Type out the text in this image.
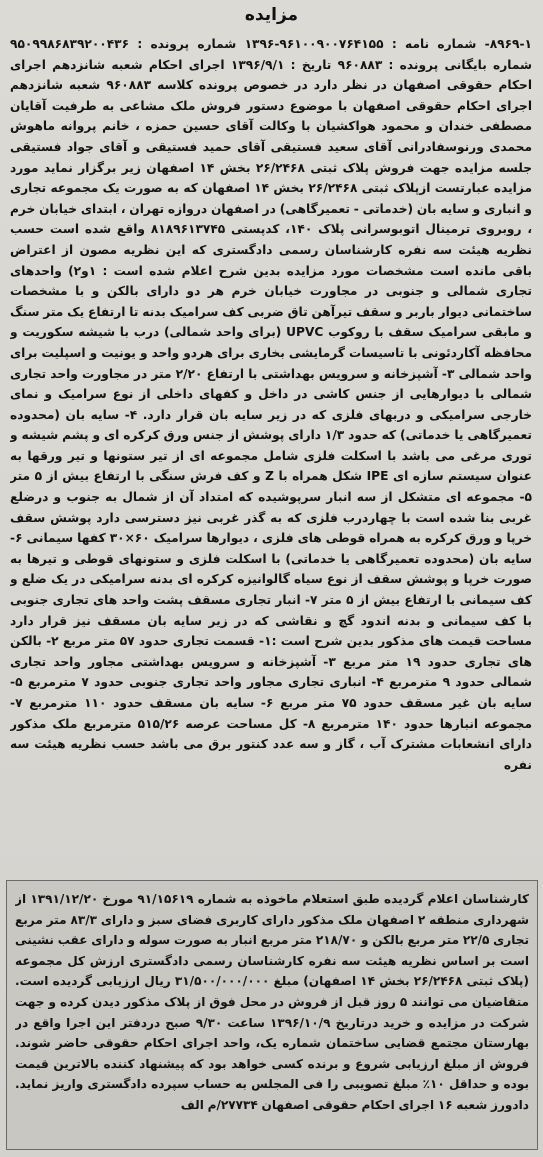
مزایده
۸۹۶۹-۱- شماره نامه : ۹۶۱۰۰۹۰۰۷۶۴۱۵۵-۱۳۹۶ شماره پرونده : ۹۵۰۹۹۸۶۸۳۹۲۰۰۴۳۶ شماره بایگانی پرونده : ۹۶۰۸۸۳ تاریخ : ۱۳۹۶/۹/۱ اجرای احکام شعبه شانزدهم اجرای احکام حقوقی اصفهان در نظر دارد در خصوص پرونده کلاسه ۹۶۰۸۸۳ شعبه شانزدهم اجرای احکام حقوقی اصفهان با موضوع دستور فروش ملک مشاعی به طرفیت آقایان مصطفی خندان و محمود هواکشیان با وکالت آقای حسین حمزه ، خانم پروانه ماهوش محمدی ورنوسفادرانی آقای سعید فستیقی آقای حمید فستیقی و آقای جواد فستیقی جلسه مزایده جهت فروش پلاک ثبتی ۲۶/۲۴۶۸ بخش ۱۴ اصفهان زیر برگزار نماید مورد مزایده عبارتست ازپلاک ثبتی ۲۶/۲۴۶۸ بخش ۱۴ اصفهان که به صورت یک مجموعه تجاری و انباری و سایه بان (خدماتی - تعمیرگاهی) در اصفهان دروازه تهران ، ابتدای خیابان خرم ، روبروی ترمینال اتوبوسرانی پلاک ۱۴۰، کدپستی ۸۱۸۹۶۱۳۷۴۵ واقع شده است حسب نظریه هیئت سه نفره کارشناسان رسمی دادگستری که این نظریه مصون از اعتراض باقی مانده است مشخصات مورد مزایده بدین شرح اعلام شده است : ۱و۲) واحدهای تجاری شمالی و جنوبی در مجاورت خیابان خرم هر دو دارای بالکن و با مشخصات ساختمانی دیوار باربر و سقف تیرآهن تاق ضربی کف سرامیک بدنه تا ارتفاع یک متر سنگ و مابقی سرامیک سقف با روکوب UPVC (برای واحد شمالی) درب با شیشه سکوریت و محافظه آکاردئونی با تاسیسات گرمایشی بخاری برای هردو واحد و یونیت و اسپلیت برای واحد شمالی ۳- آشپزخانه و سرویس بهداشتی با ارتفاع ۲/۲۰ متر در مجاورت واحد تجاری شمالی با دیوارهایی از جنس کاشی در داخل و کفهای داخلی از نوع سرامیک و نمای خارجی سرامیکی و دربهای فلزی که در زیر سایه بان قرار دارد. ۴- سایه بان (محدوده تعمیرگاهی یا خدماتی) که حدود ۱/۳ دارای پوشش از جنس ورق کرکره ای و پشم شیشه و توری مرغی می باشد با اسکلت فلزی شامل مجموعه ای از تیر ستونها و تیر ورقها به عنوان سیستم سازه ای IPE شکل همراه با Z و کف فرش سنگی با ارتفاع بیش از ۵ متر ۵- مجموعه ای متشکل از سه انبار سرپوشیده که امتداد آن از شمال به جنوب و درضلع غربی بنا شده است با چهاردرب فلزی که به گذر غربی نیز دسترسی دارد پوشش سقف خرپا و ورق کرکره به همراه قوطی های فلزی ، دیوارها سرامیک ۶۰×۳۰ کفها سیمانی ۶- سایه بان (محدوده تعمیرگاهی یا خدماتی) با اسکلت فلزی و ستونهای قوطی و تیرها به صورت خرپا و پوشش سقف از نوع سیاه گالوانیزه کرکره ای بدنه سرامیکی در یک ضلع و کف سیمانی با ارتفاع بیش از ۵ متر ۷- انبار تجاری مسقف پشت واحد های تجاری جنوبی با کف سیمانی و بدنه اندود گچ و نقاشی که در زیر سایه بان مسقف نیز قرار دارد مساحت قیمت های مذکور بدین شرح است :۱- قسمت تجاری حدود ۵۷ متر مربع ۲- بالکن های تجاری حدود ۱۹ متر مربع ۳- آشپزخانه و سرویس بهداشتی مجاور واحد تجاری شمالی حدود ۹ مترمربع ۴- انباری تجاری مجاور واحد تجاری جنوبی حدود ۷ مترمربع ۵- سایه بان غیر مسقف حدود ۷۵ متر مربع ۶- سایه بان مسقف حدود ۱۱۰ مترمربع ۷- مجموعه انبارها حدود ۱۴۰ مترمربع ۸- کل مساحت عرصه ۵۱۵/۲۶ مترمربع ملک مذکور دارای انشعابات مشترک آب ، گاز و سه عدد کنتور برق می باشد حسب نظریه هیئت سه نفره
کارشناسان اعلام گردیده طبق استعلام ماخوذه به شماره ۹۱/۱۵۶۱۹ مورخ ۱۳۹۱/۱۲/۲۰ از شهرداری منطقه ۲ اصفهان ملک مذکور دارای کاربری فضای سبز و دارای ۸۳/۳ متر مربع تجاری ۲۲/۵ متر مربع بالکن و ۲۱۸/۷۰ متر مربع انبار به صورت سوله و دارای عقب نشینی است بر اساس نظریه هیئت سه نفره کارشناسان رسمی دادگستری ارزش کل مجموعه (پلاک ثبتی ۲۶/۲۴۶۸ بخش ۱۴ اصفهان) مبلغ ۳۱/۵۰۰/۰۰۰/۰۰۰ ریال ارزیابی گردیده است. متقاضیان می توانند ۵ روز قبل از فروش در محل فوق از پلاک مذکور دیدن کرده و جهت شرکت در مزایده و خرید درتاریخ ۱۳۹۶/۱۰/۹ ساعت ۹/۳۰ صبح دردفتر این اجرا واقع در بهارستان مجتمع قضایی ساختمان شماره یک، واحد اجرای احکام حقوقی حاضر شوند. فروش از مبلغ ارزیابی شروع و برنده کسی خواهد بود که پیشنهاد کننده بالاترین قیمت بوده و حداقل ۱۰٪ مبلغ تصویبی را فی المجلس به حساب سپرده دادگستری واریز نماید. دادورز شعبه ۱۶ اجرای احکام حقوقی اصفهان ۲۷۷۳۴/م الف
